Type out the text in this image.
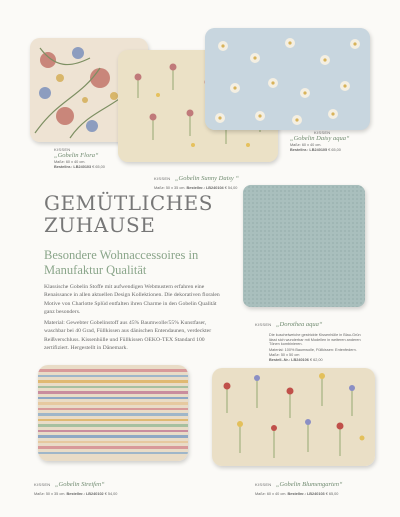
KISSEN
„Gobelin Flora“
Maße: 60 x 40 cm.
Bestellnr.: LB240103 € 65,00
KISSEN „Gobelin Sunny Daisy “
Maße: 50 x 35 cm. Bestellnr.: LB240104 € 54,00
KISSEN
„Gobelin Daisy aqua“
Maße: 60 x 40 cm.
Bestellnr.: LB240105 € 65,00
GEMÜTLICHES
ZUHAUSE
Besondere Wohnaccessoires in
Manufaktur Qualität

Klassische Gobelin Stoffe mit aufwendigen Webmustern erfahren eine Renaissance in allen aktuellen Design Kollektionen. Die dekorativen floralen Motive von Charlotte Splüd entfalten ihren Charme in den Gobelin Qualität ganz besonders.

Material: Gewebter Gobelinstoff aus 45% Baumwolle/55% Kunstfaser, waschbar bei 40 Grad, Füllkissen aus dänischen Entendaunen, verdeckter Reißverschluss. Kissenhülle und Füllkissen OEKO-TEX Standard 100 zertifiziert. Hergestellt in Dänemark.

KISSEN „Dorothea aqua“
Die kuschelweiche gestrickte Kissenhülle in Blau-Grün lässt sich wunderbar mit Modellen in weiteren anderen Tönen kombinieren.
Material: 100% Baumwolle, Füllkissen: Entenfedern. Maße: 50 x 50 cm
Bestell.-Nr.: LB240106 € 62,00
KISSEN „Gobelin Streifen“
Maße: 50 x 35 cm. Bestellnr.: LB240102 € 54,00
KISSEN „Gobelin Blumengarten“
Maße: 60 x 40 cm. Bestellnr.: LB240103 € 65,00
